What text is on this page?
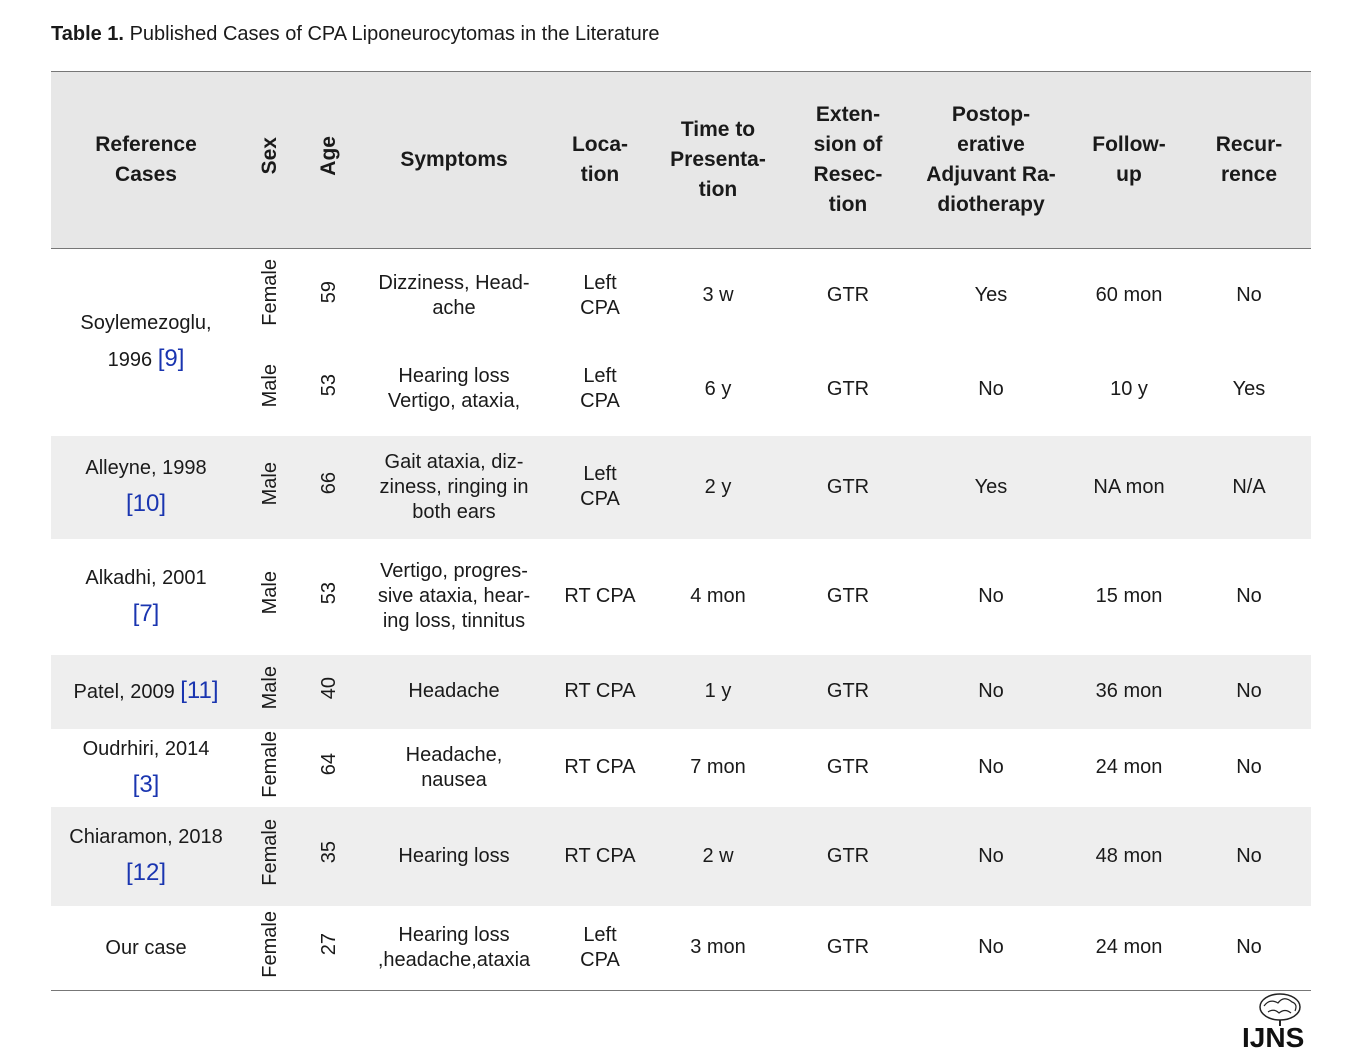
Table 1. Published Cases of CPA Liponeurocytomas in the Literature
Reference
Cases	Sex	Age	Symptoms	Loca-
tion	Time to
Presenta-
tion	Exten-
sion of
Resec-
tion	Postop-
erative
Adjuvant Ra-
diotherapy	Follow-
up	Recur-
rence
Soylemezoglu,
1996 [9]	Female	59	Dizziness, Head-
ache	Left
CPA	3 w	GTR	Yes	60 mon	No
	Male	53	Hearing loss
Vertigo, ataxia,	Left
CPA	6 y	GTR	No	10 y	Yes
Alleyne, 1998
[10]	Male	66	Gait ataxia, diz-
ziness, ringing in
both ears	Left
CPA	2 y	GTR	Yes	NA mon	N/A
Alkadhi, 2001
[7]	Male	53	Vertigo, progres-
sive ataxia, hear-
ing loss, tinnitus	RT CPA	4 mon	GTR	No	15 mon	No
Patel, 2009 [11]	Male	40	Headache	RT CPA	1 y	GTR	No	36 mon	No
Oudrhiri, 2014
[3]	Female	64	Headache,
nausea	RT CPA	7 mon	GTR	No	24 mon	No
Chiaramon, 2018
[12]	Female	35	Hearing loss	RT CPA	2 w	GTR	No	48 mon	No
Our case	Female	27	Hearing loss
,headache,ataxia	Left
CPA	3 mon	GTR	No	24 mon	No
IJNS
